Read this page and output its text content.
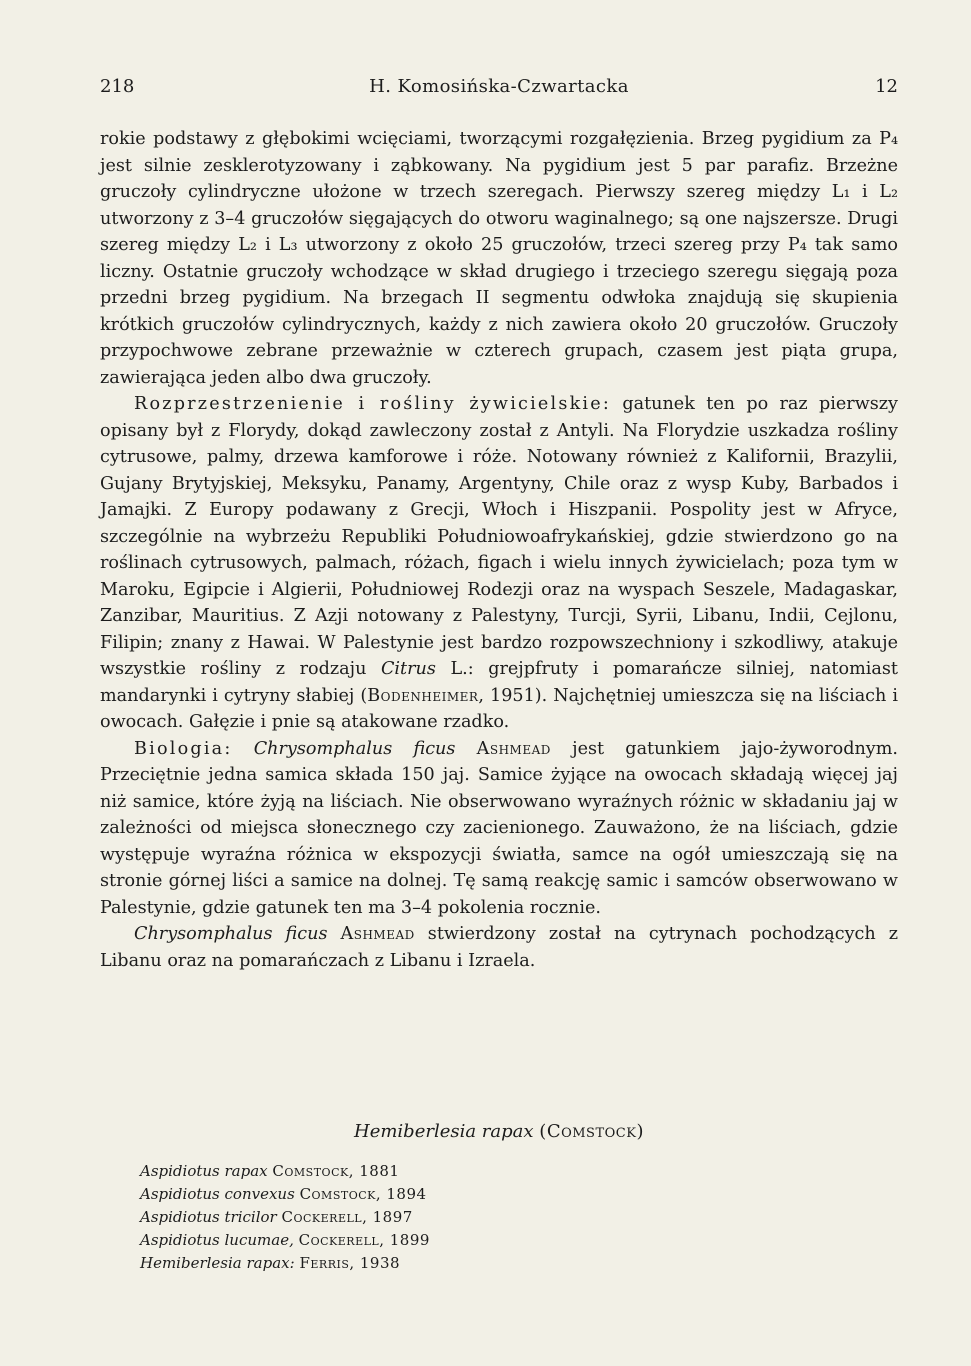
218	H. Komosińska-Czwartacka	12

rokie podstawy z głębokimi wcięciami, tworzącymi rozgałęzienia. Brzeg pygidium za P₄ jest silnie zesklerotyzowany i ząbkowany. Na pygidium jest 5 par parafiz. Brzeżne gruczoły cylindryczne ułożone w trzech szeregach. Pierwszy szereg między L₁ i L₂ utworzony z 3–4 gruczołów sięgających do otworu waginalnego; są one najszersze. Drugi szereg między L₂ i L₃ utworzony z około 25 gruczołów, trzeci szereg przy P₄ tak samo liczny. Ostatnie gruczoły wchodzące w skład drugiego i trzeciego szeregu sięgają poza przedni brzeg pygidium. Na brzegach II segmentu odwłoka znajdują się skupienia krótkich gruczołów cylindrycznych, każdy z nich zawiera około 20 gruczołów. Gruczoły przypochwowe zebrane przeważnie w czterech grupach, czasem jest piąta grupa, zawierająca jeden albo dwa gruczoły.

Rozprzestrzenienie i rośliny żywicielskie: gatunek ten po raz pierwszy opisany był z Florydy, dokąd zawleczony został z Antyli. Na Florydzie uszkadza rośliny cytrusowe, palmy, drzewa kamforowe i róże. Notowany również z Kalifornii, Brazylii, Gujany Brytyjskiej, Meksyku, Panamy, Argentyny, Chile oraz z wysp Kuby, Barbados i Jamajki. Z Europy podawany z Grecji, Włoch i Hiszpanii. Pospolity jest w Afryce, szczególnie na wybrzeżu Republiki Południowoafrykańskiej, gdzie stwierdzono go na roślinach cytrusowych, palmach, różach, figach i wielu innych żywicielach; poza tym w Maroku, Egipcie i Algierii, Południowej Rodezji oraz na wyspach Seszele, Madagaskar, Zanzibar, Mauritius. Z Azji notowany z Palestyny, Turcji, Syrii, Libanu, Indii, Cejlonu, Filipin; znany z Hawai. W Palestynie jest bardzo rozpowszechniony i szkodliwy, atakuje wszystkie rośliny z rodzaju Citrus L.: grejpfruty i pomarańcze silniej, natomiast mandarynki i cytryny słabiej (Bodenheimer, 1951). Najchętniej umieszcza się na liściach i owocach. Gałęzie i pnie są atakowane rzadko.

Biologia: Chrysomphalus ficus Ashmead jest gatunkiem jajo-żyworodnym. Przeciętnie jedna samica składa 150 jaj. Samice żyjące na owocach składają więcej jaj niż samice, które żyją na liściach. Nie obserwowano wyraźnych różnic w składaniu jaj w zależności od miejsca słonecznego czy zacienionego. Zauważono, że na liściach, gdzie występuje wyraźna różnica w ekspozycji światła, samce na ogół umieszczają się na stronie górnej liści a samice na dolnej. Tę samą reakcję samic i samców obserwowano w Palestynie, gdzie gatunek ten ma 3–4 pokolenia rocznie.

Chrysomphalus ficus Ashmead stwierdzony został na cytrynach pochodzących z Libanu oraz na pomarańczach z Libanu i Izraela.

Hemiberlesia rapax (Comstock)
Aspidiotus rapax Comstock, 1881
Aspidiotus convexus Comstock, 1894
Aspidiotus tricilor Cockerell, 1897
Aspidiotus lucumae, Cockerell, 1899
Hemiberlesia rapax: Ferris, 1938
